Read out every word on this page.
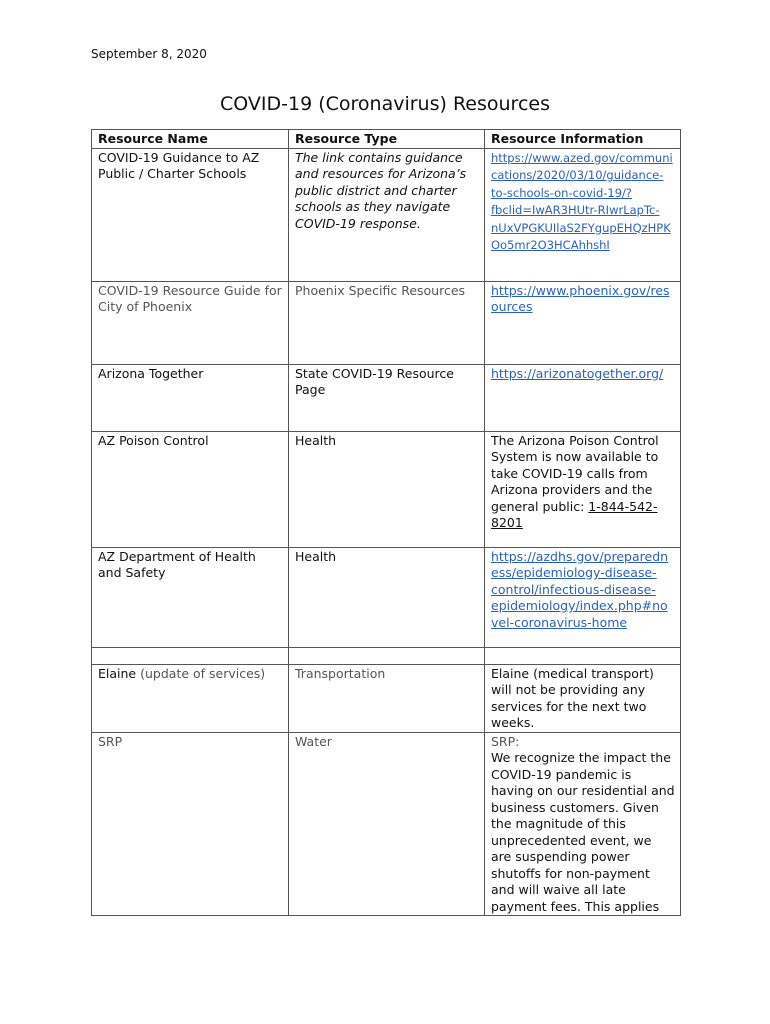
September 8, 2020
COVID-19 (Coronavirus) Resources
Resource Name	Resource Type	Resource Information
COVID-19 Guidance to AZ Public / Charter Schools	The link contains guidance and resources for Arizona’s public district and charter schools as they navigate COVID-19 response.	https://www.azed.gov/communications/2020/03/10/guidance-to-schools-on-covid-19/?fbclid=IwAR3HUtr-RIwrLapTc-nUxVPGKUIlaS2FYgupEHQzHPKOo5mr2O3HCAhhshI
COVID-19 Resource Guide for City of Phoenix	Phoenix Specific Resources	https://www.phoenix.gov/resources
Arizona Together	State COVID-19 Resource Page	https://arizonatogether.org/
AZ Poison Control	Health	The Arizona Poison Control System is now available to take COVID-19 calls from Arizona providers and the general public: 1-844-542-8201
AZ Department of Health and Safety	Health	https://azdhs.gov/preparedness/epidemiology-disease-control/infectious-disease-epidemiology/index.php#novel-coronavirus-home

Elaine (update of services)	Transportation	Elaine (medical transport) will not be providing any services for the next two weeks.
SRP	Water	SRP:
We recognize the impact the COVID-19 pandemic is having on our residential and business customers. Given the magnitude of this unprecedented event, we are suspending power shutoffs for non-payment and will waive all late payment fees. This applies
